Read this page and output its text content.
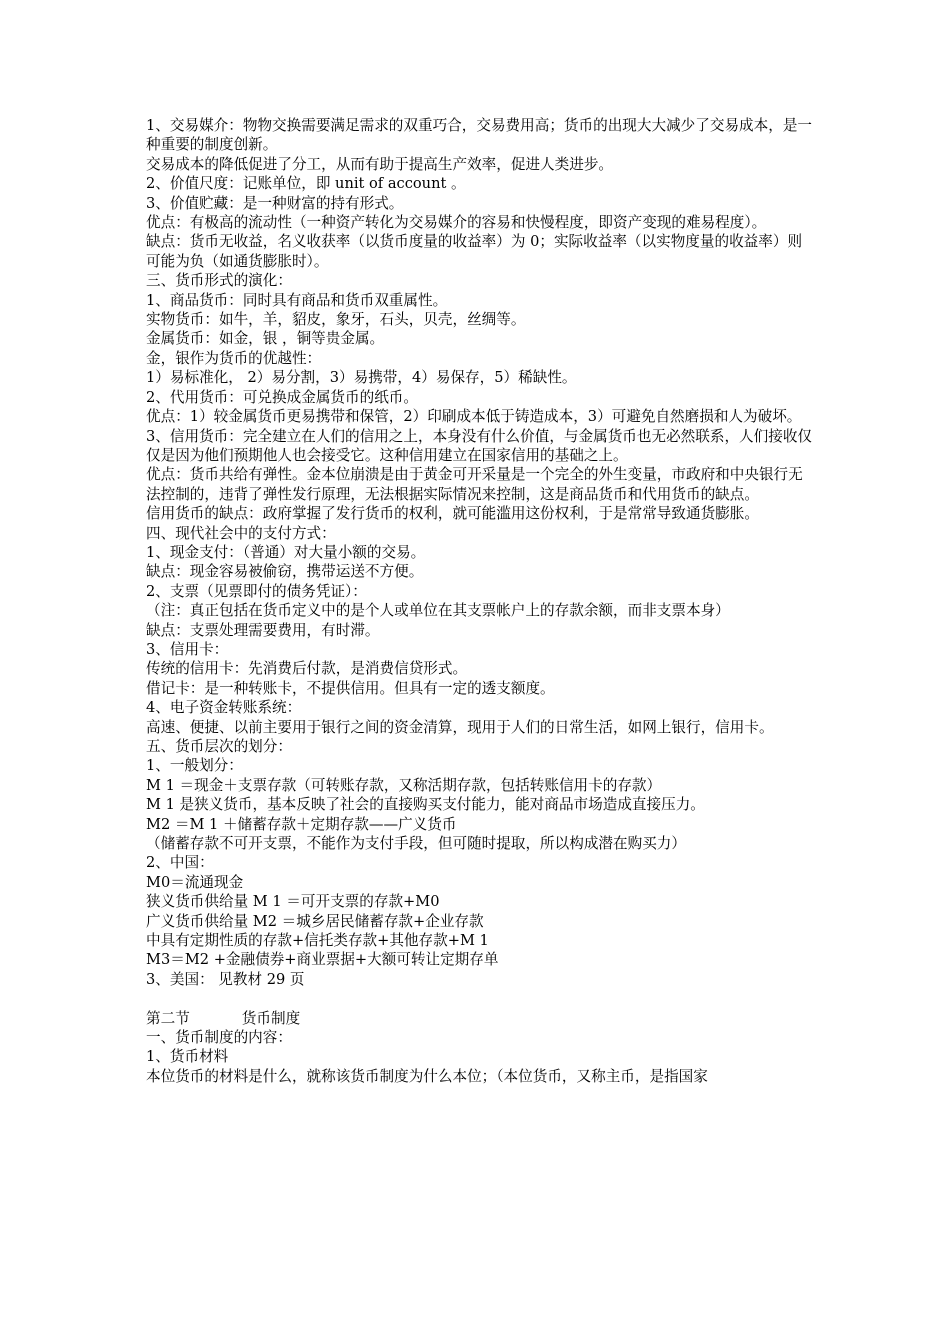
1、交易媒介：物物交换需要满足需求的双重巧合，交易费用高；货币的出现大大减少了交易成本，是一种重要的制度创新。

交易成本的降低促进了分工，从而有助于提高生产效率，促进人类进步。

2、价值尺度：记账单位，即 unit of account 。

3、价值贮藏：是一种财富的持有形式。

优点：有极高的流动性（一种资产转化为交易媒介的容易和快慢程度，即资产变现的难易程度）。

缺点：货币无收益，名义收获率（以货币度量的收益率）为 0；实际收益率（以实物度量的收益率）则可能为负（如通货膨胀时）。

三、货币形式的演化：

1、商品货币：同时具有商品和货币双重属性。

实物货币：如牛，羊，貂皮，象牙，石头，贝壳，丝绸等。

金属货币：如金，银 ，铜等贵金属。

金，银作为货币的优越性：

1）易标准化， 2）易分割，3）易携带，4）易保存，5）稀缺性。

2、代用货币：可兑换成金属货币的纸币。

优点：1）较金属货币更易携带和保管，2）印刷成本低于铸造成本，3）可避免自然磨损和人为破坏。

3、信用货币：完全建立在人们的信用之上，本身没有什么价值，与金属货币也无必然联系，人们接收仅仅是因为他们预期他人也会接受它。这种信用建立在国家信用的基础之上。

优点：货币共给有弹性。金本位崩溃是由于黄金可开采量是一个完全的外生变量，市政府和中央银行无法控制的，违背了弹性发行原理，无法根据实际情况来控制，这是商品货币和代用货币的缺点。

信用货币的缺点：政府掌握了发行货币的权利，就可能滥用这份权利，于是常常导致通货膨胀。

四、现代社会中的支付方式：

1、现金支付：（普通）对大量小额的交易。

缺点：现金容易被偷窃，携带运送不方便。

2、支票（见票即付的债务凭证）：

（注：真正包括在货币定义中的是个人或单位在其支票帐户上的存款余额，而非支票本身）

缺点：支票处理需要费用，有时滞。

3、信用卡：

传统的信用卡：先消费后付款，是消费信贷形式。

借记卡：是一种转账卡，不提供信用。但具有一定的透支额度。

4、电子资金转账系统：

高速、便捷、以前主要用于银行之间的资金清算，现用于人们的日常生活，如网上银行，信用卡。

五、货币层次的划分：

1、一般划分：

M 1 ＝现金＋支票存款（可转账存款，又称活期存款，包括转账信用卡的存款）

M 1 是狭义货币，基本反映了社会的直接购买支付能力，能对商品市场造成直接压力。

M2 ＝M 1 ＋储蓄存款＋定期存款——广义货币

（储蓄存款不可开支票，不能作为支付手段，但可随时提取，所以构成潜在购买力）

2、中国：

M0＝流通现金

狭义货币供给量 M 1 ＝可开支票的存款+M0

广义货币供给量 M2 ＝城乡居民储蓄存款+企业存款

中具有定期性质的存款+信托类存款+其他存款+M 1

M3＝M2 +金融债券+商业票据+大额可转让定期存单

3、美国： 见教材 29 页

第二节	货币制度

一、货币制度的内容：

1、货币材料

本位货币的材料是什么，就称该货币制度为什么本位；（本位货币，又称主币，是指国家
